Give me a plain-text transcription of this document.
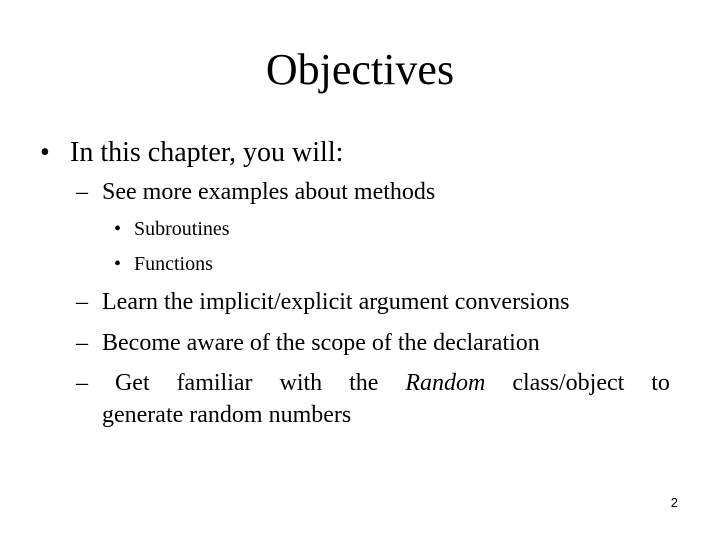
Objectives
• In this chapter, you will:
– See more examples about methods
• Subroutines
• Functions
– Learn the implicit/explicit argument conversions
– Become aware of the scope of the declaration
– Get familiar with the Random class/object to
generate random numbers
2
